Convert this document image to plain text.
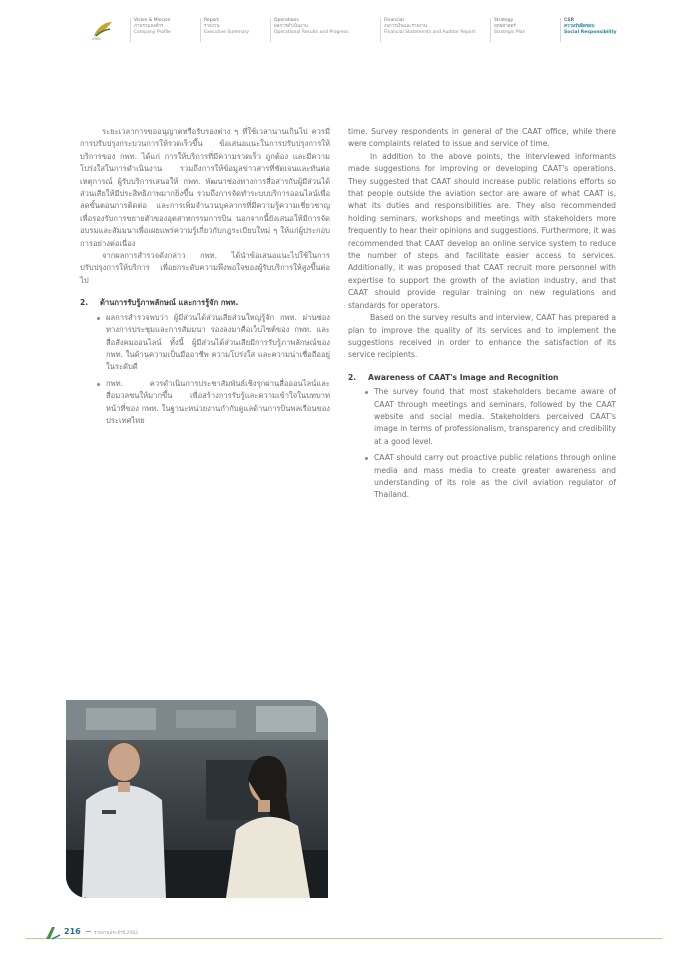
บริษัท
Vision & Mission
ภาพรวมองค์กร
Company Profile
Report
รายงาน
Executive Summary
Operations
ผลการดำเนินงาน
Operational Results and Progress
Financial
งบการเงินและรายงาน
Financial Statements and Auditor Report
Strategy
ยุทธศาสตร์
Strategic Plan
CSR
ความรับผิดชอบ
Social Responsibility

ระยะเวลาการขออนุญาตหรือรับรองต่าง ๆ ที่ใช้เวลานานเกินไป ควรมีการปรับปรุงกระบวนการให้รวดเร็วขึ้น ข้อเสนอแนะในการปรับปรุงการให้บริการของ กพท. ได้แก่ การให้บริการที่มีความรวดเร็ว ถูกต้อง และมีความโปร่งใสในการดำเนินงาน รวมถึงการให้ข้อมูลข่าวสารที่ชัดเจนและทันต่อเหตุการณ์ ผู้รับบริการเสนอให้ กพท. พัฒนาช่องทางการสื่อสารกับผู้มีส่วนได้ส่วนเสียให้มีประสิทธิภาพมากยิ่งขึ้น รวมถึงการจัดทำระบบบริการออนไลน์เพื่อลดขั้นตอนการติดต่อ และการเพิ่มจำนวนบุคลากรที่มีความรู้ความเชี่ยวชาญเพื่อรองรับการขยายตัวของอุตสาหกรรมการบิน นอกจากนี้ยังเสนอให้มีการจัดอบรมและสัมมนาเพื่อเผยแพร่ความรู้เกี่ยวกับกฎระเบียบใหม่ ๆ ให้แก่ผู้ประกอบการอย่างต่อเนื่อง

จากผลการสำรวจดังกล่าว กพท. ได้นำข้อเสนอแนะไปใช้ในการปรับปรุงการให้บริการ เพื่อยกระดับความพึงพอใจของผู้รับบริการให้สูงขึ้นต่อไป

2. ด้านการรับรู้ภาพลักษณ์ และการรู้จัก กพท.
ผลการสำรวจพบว่า ผู้มีส่วนได้ส่วนเสียส่วนใหญ่รู้จัก กพท. ผ่านช่องทางการประชุมและการสัมมนา รองลงมาคือเว็บไซต์ของ กพท. และสื่อสังคมออนไลน์ ทั้งนี้ ผู้มีส่วนได้ส่วนเสียมีการรับรู้ภาพลักษณ์ของ กพท. ในด้านความเป็นมืออาชีพ ความโปร่งใส และความน่าเชื่อถืออยู่ในระดับดี
กพท. ควรดำเนินการประชาสัมพันธ์เชิงรุกผ่านสื่อออนไลน์และสื่อมวลชนให้มากขึ้น เพื่อสร้างการรับรู้และความเข้าใจในบทบาทหน้าที่ของ กพท. ในฐานะหน่วยงานกำกับดูแลด้านการบินพลเรือนของประเทศไทย

time. Survey respondents in general of the CAAT office, while there were complaints related to issue and service of time.

In addition to the above points, the interviewed informants made suggestions for improving or developing CAAT's operations. They suggested that CAAT should increase public relations efforts so that people outside the aviation sector are aware of what CAAT is, what its duties and responsibilities are. They also recommended holding seminars, workshops and meetings with stakeholders more frequently to hear their opinions and suggestions. Furthermore, it was recommended that CAAT develop an online service system to reduce the number of steps and facilitate easier access to services. Additionally, it was proposed that CAAT recruit more personnel with expertise to support the growth of the aviation industry, and that CAAT should provide regular training on new regulations and standards for operators.

Based on the survey results and interview, CAAT has prepared a plan to improve the quality of its services and to implement the suggestions received in order to enhance the satisfaction of its service recipients.

2. Awareness of CAAT's Image and Recognition
The survey found that most stakeholders became aware of CAAT through meetings and seminars, followed by the CAAT website and social media. Stakeholders perceived CAAT's image in terms of professionalism, transparency and credibility at a good level.
CAAT should carry out proactive public relations through online media and mass media to create greater awareness and understanding of its role as the civil aviation regulator of Thailand.
216	รายงานประจำปี 2562
